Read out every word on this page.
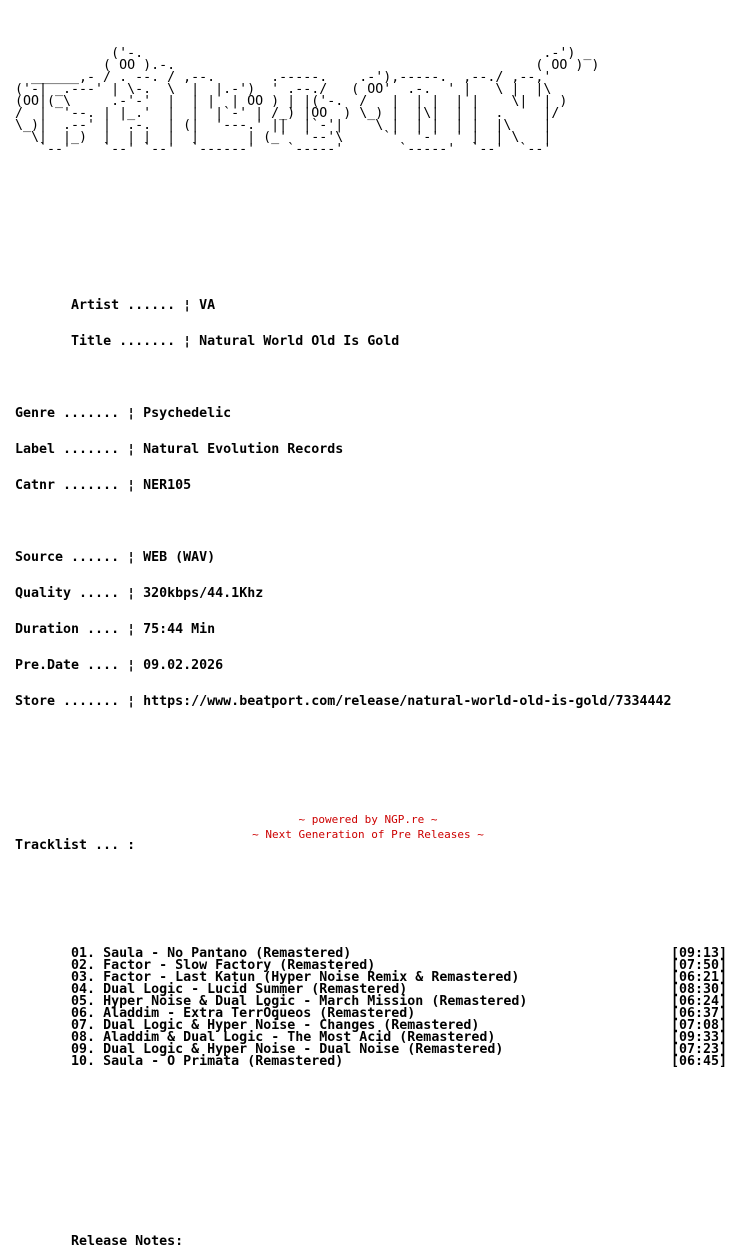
('-.                                                  .-') _
( OO ).-.                                             ( OO ) )
______,- / . --. / ,--.       .-----.    .-'),-----.  ,--./ ,--,'
('-| _.---' | \-.  \  |  |.-')  ' .--./   ( OO'  .-.  ' |   \ |  |\
(OO|(_\     .-'-'  |  | |  | OO ) | |('-.  /   |  | |  | |    \|  | )
/  |  '--. | |_.'  |  |  |`-' | /_) |OO  ) \_) |  |\|  | |  .     |/
\_)|  .--' |  .-.  | (|  '---.' ||  |`-'|    \ |  | |  | |  |\    |
\|  |_)  |  | |  |  |      | (_'  '--'\     `'  '-'  ' |  | \   |
`--'    `--' `--'  `------'    `-----'       `-----'  `--'  `--'

Artist ...... ¦ VA

Title ....... ¦ Natural World Old Is Gold

Genre ....... ¦ Psychedelic

Label ....... ¦ Natural Evolution Records

Catnr ....... ¦ NER105

Source ...... ¦ WEB (WAV)

Quality ..... ¦ 320kbps/44.1Khz

Duration .... ¦ 75:44 Min

Pre.Date .... ¦ 09.02.2026

Store ....... ¦ https://www.beatport.com/release/natural-world-old-is-gold/7334442

Tracklist ... :

01. Saula - No Pantano (Remastered)	[09:13]
02. Factor - Slow Factory (Remastered)	[07:50]
03. Factor - Last Katun (Hyper Noise Remix & Remastered)	[06:21]
04. Dual Logic - Lucid Summer (Remastered)	[08:30]
05. Hyper Noise & Dual Logic - March Mission (Remastered)	[06:24]
06. Aladdim - Extra TerrÕqueos (Remastered)	[06:37]
07. Dual Logic & Hyper Noise - Changes (Remastered)	[07:08]
08. Aladdim & Dual Logic - The Most Acid (Remastered)	[09:33]
09. Dual Logic & Hyper Noise - Dual Noise (Remastered)	[07:23]
10. Saula - O Primata (Remastered)	[06:45]

Release Notes:

~ powered by NGP.re ~
~ Next Generation of Pre Releases ~
